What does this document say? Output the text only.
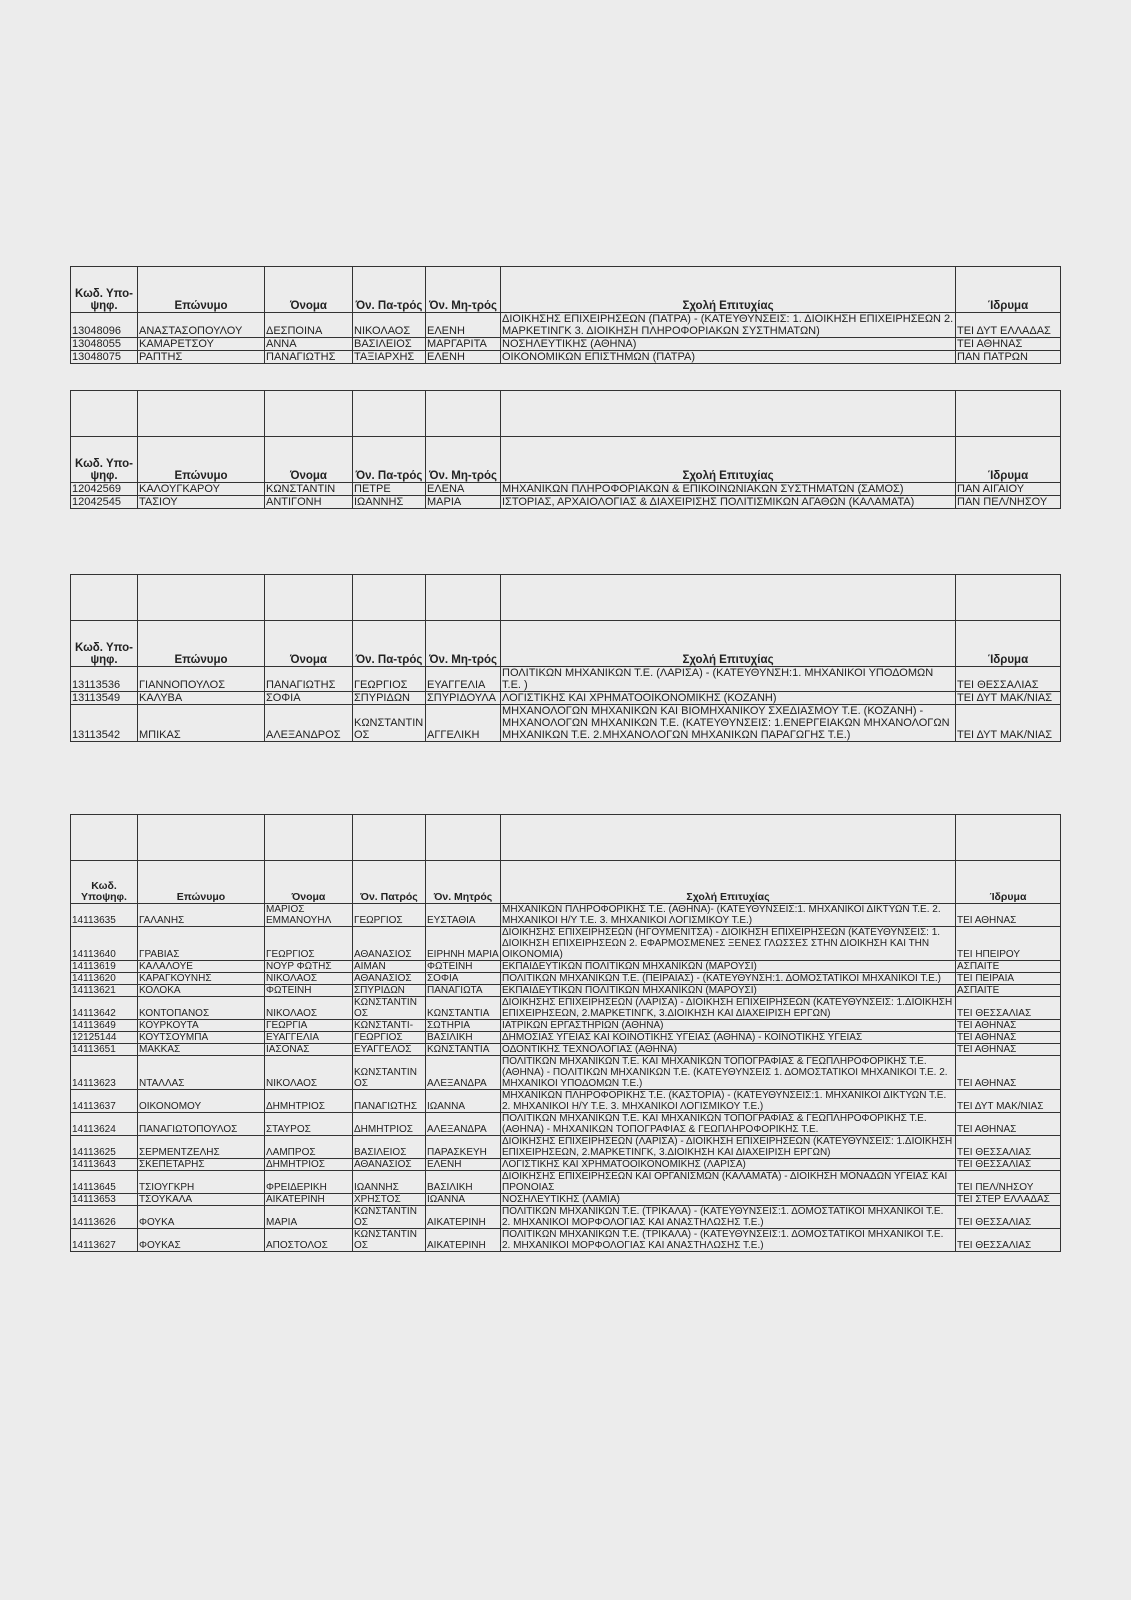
Κωδ. Υπο-ψηφ.	Επώνυμο	Όνομα	Όν. Πα-τρός	Όν. Μη-τρός	Σχολή Επιτυχίας	Ίδρυμα
13048096	ΑΝΑΣΤΑΣΟΠΟΥΛΟΥ	ΔΕΣΠΟΙΝΑ	ΝΙΚΟΛΑΟΣ	ΕΛΕΝΗ	ΔΙΟΙΚΗΣΗΣ ΕΠΙΧΕΙΡΗΣΕΩΝ (ΠΑΤΡΑ) - (ΚΑΤΕΥΘΥΝΣΕΙΣ: 1. ΔΙΟΙΚΗΣΗ ΕΠΙΧΕΙΡΗΣΕΩΝ 2. ΜΑΡΚΕΤΙΝΓΚ 3. ΔΙΟΙΚΗΣΗ ΠΛΗΡΟΦΟΡΙΑΚΩΝ ΣΥΣΤΗΜΑΤΩΝ)	ΤΕΙ ΔΥΤ ΕΛΛΑΔΑΣ
13048055	ΚΑΜΑΡΕΤΣΟΥ	ΑΝΝΑ	ΒΑΣΙΛΕΙΟΣ	ΜΑΡΓΑΡΙΤΑ	ΝΟΣΗΛΕΥΤΙΚΗΣ (ΑΘΗΝΑ)	ΤΕΙ ΑΘΗΝΑΣ
13048075	ΡΑΠΤΗΣ	ΠΑΝΑΓΙΩΤΗΣ	ΤΑΞΙΑΡΧΗΣ	ΕΛΕΝΗ	ΟΙΚΟΝΟΜΙΚΩΝ ΕΠΙΣΤΗΜΩΝ (ΠΑΤΡΑ)	ΠΑΝ ΠΑΤΡΩΝ

Κωδ. Υπο-ψηφ.	Επώνυμο	Όνομα	Όν. Πα-τρός	Όν. Μη-τρός	Σχολή Επιτυχίας	Ίδρυμα
12042569	ΚΑΛΟΥΓΚΑΡΟΥ	ΚΩΝΣΤΑΝΤΙΝ	ΠΕΤΡΕ	ΕΛΕΝΑ	ΜΗΧΑΝΙΚΩΝ ΠΛΗΡΟΦΟΡΙΑΚΩΝ & ΕΠΙΚΟΙΝΩΝΙΑΚΩΝ ΣΥΣΤΗΜΑΤΩΝ (ΣΑΜΟΣ)	ΠΑΝ ΑΙΓΑΙΟΥ
12042545	ΤΑΣΙΟΥ	ΑΝΤΙΓΟΝΗ	ΙΩΑΝΝΗΣ	ΜΑΡΙΑ	ΙΣΤΟΡΙΑΣ, ΑΡΧΑΙΟΛΟΓΙΑΣ & ΔΙΑΧΕΙΡΙΣΗΣ ΠΟΛΙΤΙΣΜΙΚΩΝ ΑΓΑΘΩΝ (ΚΑΛΑΜΑΤΑ)	ΠΑΝ ΠΕΛ/ΝΗΣΟΥ

Κωδ. Υπο-ψηφ.	Επώνυμο	Όνομα	Όν. Πα-τρός	Όν. Μη-τρός	Σχολή Επιτυχίας	Ίδρυμα
13113536	ΓΙΑΝΝΟΠΟΥΛΟΣ	ΠΑΝΑΓΙΩΤΗΣ	ΓΕΩΡΓΙΟΣ	ΕΥΑΓΓΕΛΙΑ	ΠΟΛΙΤΙΚΩΝ ΜΗΧΑΝΙΚΩΝ Τ.Ε. (ΛΑΡΙΣΑ) - (ΚΑΤΕΥΘΥΝΣΗ:1. ΜΗΧΑΝΙΚΟΙ ΥΠΟΔΟΜΩΝ Τ.Ε. )	ΤΕΙ ΘΕΣΣΑΛΙΑΣ
13113549	ΚΑΛΥΒΑ	ΣΟΦΙΑ	ΣΠΥΡΙΔΩΝ	ΣΠΥΡΙΔΟΥΛΑ	ΛΟΓΙΣΤΙΚΗΣ ΚΑΙ ΧΡΗΜΑΤΟΟΙΚΟΝΟΜΙΚΗΣ (ΚΟΖΑΝΗ)	ΤΕΙ ΔΥΤ ΜΑΚ/ΝΙΑΣ
13113542	ΜΠΙΚΑΣ	ΑΛΕΞΑΝΔΡΟΣ	ΚΩΝΣΤΑΝΤΙΝΟΣ	ΑΓΓΕΛΙΚΗ	ΜΗΧΑΝΟΛΟΓΩΝ ΜΗΧΑΝΙΚΩΝ ΚΑΙ ΒΙΟΜΗΧΑΝΙΚΟΥ ΣΧΕΔΙΑΣΜΟΥ Τ.Ε. (ΚΟΖΑΝΗ) - ΜΗΧΑΝΟΛΟΓΩΝ ΜΗΧΑΝΙΚΩΝ Τ.Ε. (ΚΑΤΕΥΘΥΝΣΕΙΣ: 1.ΕΝΕΡΓΕΙΑΚΩΝ ΜΗΧΑΝΟΛΟΓΩΝ ΜΗΧΑΝΙΚΩΝ Τ.Ε. 2.ΜΗΧΑΝΟΛΟΓΩΝ ΜΗΧΑΝΙΚΩΝ ΠΑΡΑΓΩΓΗΣ Τ.Ε.)	ΤΕΙ ΔΥΤ ΜΑΚ/ΝΙΑΣ

Κωδ. Υποψηφ.	Επώνυμο	Όνομα	Όν. Πατρός	Όν. Μητρός	Σχολή Επιτυχίας	Ίδρυμα
14113635	ΓΑΛΑΝΗΣ	ΜΑΡΙΟΣ ΕΜΜΑΝΟΥΗΛ	ΓΕΩΡΓΙΟΣ	ΕΥΣΤΑΘΙΑ	ΜΗΧΑΝΙΚΩΝ ΠΛΗΡΟΦΟΡΙΚΗΣ Τ.Ε. (ΑΘΗΝΑ)- (ΚΑΤΕΥΘΥΝΣΕΙΣ:1. ΜΗΧΑΝΙΚΟΙ ΔΙΚΤΥΩΝ Τ.Ε. 2. ΜΗΧΑΝΙΚΟΙ Η/Υ Τ.Ε. 3. ΜΗΧΑΝΙΚΟΙ ΛΟΓΙΣΜΙΚΟΥ Τ.Ε.)	ΤΕΙ ΑΘΗΝΑΣ
14113640	ΓΡΑΒΙΑΣ	ΓΕΩΡΓΙΟΣ	ΑΘΑΝΑΣΙΟΣ	ΕΙΡΗΝΗ ΜΑΡΙΑ	ΔΙΟΙΚΗΣΗΣ ΕΠΙΧΕΙΡΗΣΕΩΝ (ΗΓΟΥΜΕΝΙΤΣΑ) - ΔΙΟΙΚΗΣΗ ΕΠΙΧΕΙΡΗΣΕΩΝ (ΚΑΤΕΥΘΥΝΣΕΙΣ: 1. ΔΙΟΙΚΗΣΗ ΕΠΙΧΕΙΡΗΣΕΩΝ 2. ΕΦΑΡΜΟΣΜΕΝΕΣ ΞΕΝΕΣ ΓΛΩΣΣΕΣ ΣΤΗΝ ΔΙΟΙΚΗΣΗ ΚΑΙ ΤΗΝ ΟΙΚΟΝΟΜΙΑ)	ΤΕΙ ΗΠΕΙΡΟΥ
14113619	ΚΑΛΑΛΟΥΕ	ΝΟΥΡ ΦΩΤΗΣ	ΑΙΜΑΝ	ΦΩΤΕΙΝΗ	ΕΚΠΑΙΔΕΥΤΙΚΩΝ ΠΟΛΙΤΙΚΩΝ ΜΗΧΑΝΙΚΩΝ (ΜΑΡΟΥΣΙ)	ΑΣΠΑΙΤΕ
14113620	ΚΑΡΑΓΚΟΥΝΗΣ	ΝΙΚΟΛΑΟΣ	ΑΘΑΝΑΣΙΟΣ	ΣΟΦΙΑ	ΠΟΛΙΤΙΚΩΝ ΜΗΧΑΝΙΚΩΝ Τ.Ε. (ΠΕΙΡΑΙΑΣ) - (ΚΑΤΕΥΘΥΝΣΗ:1. ΔΟΜΟΣΤΑΤΙΚΟΙ ΜΗΧΑΝΙΚΟΙ Τ.Ε.)	ΤΕΙ ΠΕΙΡΑΙΑ
14113621	ΚΟΛΟΚΑ	ΦΩΤΕΙΝΗ	ΣΠΥΡΙΔΩΝ	ΠΑΝΑΓΙΩΤΑ	ΕΚΠΑΙΔΕΥΤΙΚΩΝ ΠΟΛΙΤΙΚΩΝ ΜΗΧΑΝΙΚΩΝ (ΜΑΡΟΥΣΙ)	ΑΣΠΑΙΤΕ
14113642	ΚΟΝΤΟΠΑΝΟΣ	ΝΙΚΟΛΑΟΣ	ΚΩΝΣΤΑΝΤΙΝΟΣ	ΚΩΝΣΤΑΝΤΙΑ	ΔΙΟΙΚΗΣΗΣ ΕΠΙΧΕΙΡΗΣΕΩΝ (ΛΑΡΙΣΑ) - ΔΙΟΙΚΗΣΗ ΕΠΙΧΕΙΡΗΣΕΩΝ (ΚΑΤΕΥΘΥΝΣΕΙΣ: 1.ΔΙΟΙΚΗΣΗ ΕΠΙΧΕΙΡΗΣΕΩΝ, 2.ΜΑΡΚΕΤΙΝΓΚ, 3.ΔΙΟΙΚΗΣΗ ΚΑΙ ΔΙΑΧΕΙΡΙΣΗ ΕΡΓΩΝ)	ΤΕΙ ΘΕΣΣΑΛΙΑΣ
14113649	ΚΟΥΡΚΟΥΤΑ	ΓΕΩΡΓΙΑ	ΚΩΝΣΤΑΝΤΙ-	ΣΩΤΗΡΙΑ	ΙΑΤΡΙΚΩΝ ΕΡΓΑΣΤΗΡΙΩΝ (ΑΘΗΝΑ)	ΤΕΙ ΑΘΗΝΑΣ
12125144	ΚΟΥΤΣΟΥΜΠΑ	ΕΥΑΓΓΕΛΙΑ	ΓΕΩΡΓΙΟΣ	ΒΑΣΙΛΙΚΗ	ΔΗΜΟΣΙΑΣ ΥΓΕΙΑΣ ΚΑΙ ΚΟΙΝΟΤΙΚΗΣ ΥΓΕΙΑΣ (ΑΘΗΝΑ) - ΚΟΙΝΟΤΙΚΗΣ ΥΓΕΙΑΣ	ΤΕΙ ΑΘΗΝΑΣ
14113651	ΜΑΚΚΑΣ	ΙΑΣΟΝΑΣ	ΕΥΑΓΓΕΛΟΣ	ΚΩΝΣΤΑΝΤΙΑ	ΟΔΟΝΤΙΚΗΣ ΤΕΧΝΟΛΟΓΙΑΣ (ΑΘΗΝΑ)	ΤΕΙ ΑΘΗΝΑΣ
14113623	ΝΤΑΛΛΑΣ	ΝΙΚΟΛΑΟΣ	ΚΩΝΣΤΑΝΤΙΝΟΣ	ΑΛΕΞΑΝΔΡΑ	ΠΟΛΙΤΙΚΩΝ ΜΗΧΑΝΙΚΩΝ Τ.Ε. ΚΑΙ ΜΗΧΑΝΙΚΩΝ ΤΟΠΟΓΡΑΦΙΑΣ & ΓΕΩΠΛΗΡΟΦΟΡΙΚΗΣ Τ.Ε. (ΑΘΗΝΑ) - ΠΟΛΙΤΙΚΩΝ ΜΗΧΑΝΙΚΩΝ Τ.Ε. (ΚΑΤΕΥΘΥΝΣΕΙΣ 1. ΔΟΜΟΣΤΑΤΙΚΟΙ ΜΗΧΑΝΙΚΟΙ Τ.Ε. 2. ΜΗΧΑΝΙΚΟΙ ΥΠΟΔΟΜΩΝ Τ.Ε.)	ΤΕΙ ΑΘΗΝΑΣ
14113637	ΟΙΚΟΝΟΜΟΥ	ΔΗΜΗΤΡΙΟΣ	ΠΑΝΑΓΙΩΤΗΣ	ΙΩΑΝΝΑ	ΜΗΧΑΝΙΚΩΝ ΠΛΗΡΟΦΟΡΙΚΗΣ Τ.Ε. (ΚΑΣΤΟΡΙΑ) - (ΚΑΤΕΥΘΥΝΣΕΙΣ:1. ΜΗΧΑΝΙΚΟΙ ΔΙΚΤΥΩΝ Τ.Ε. 2. ΜΗΧΑΝΙΚΟΙ Η/Υ Τ.Ε. 3. ΜΗΧΑΝΙΚΟΙ ΛΟΓΙΣΜΙΚΟΥ Τ.Ε.)	ΤΕΙ ΔΥΤ ΜΑΚ/ΝΙΑΣ
14113624	ΠΑΝΑΓΙΩΤΟΠΟΥΛΟΣ	ΣΤΑΥΡΟΣ	ΔΗΜΗΤΡΙΟΣ	ΑΛΕΞΑΝΔΡΑ	ΠΟΛΙΤΙΚΩΝ ΜΗΧΑΝΙΚΩΝ Τ.Ε. ΚΑΙ ΜΗΧΑΝΙΚΩΝ ΤΟΠΟΓΡΑΦΙΑΣ & ΓΕΩΠΛΗΡΟΦΟΡΙΚΗΣ Τ.Ε. (ΑΘΗΝΑ) - ΜΗΧΑΝΙΚΩΝ ΤΟΠΟΓΡΑΦΙΑΣ & ΓΕΩΠΛΗΡΟΦΟΡΙΚΗΣ Τ.Ε.	ΤΕΙ ΑΘΗΝΑΣ
14113625	ΣΕΡΜΕΝΤΖΕΛΗΣ	ΛΑΜΠΡΟΣ	ΒΑΣΙΛΕΙΟΣ	ΠΑΡΑΣΚΕΥΗ	ΔΙΟΙΚΗΣΗΣ ΕΠΙΧΕΙΡΗΣΕΩΝ (ΛΑΡΙΣΑ) - ΔΙΟΙΚΗΣΗ ΕΠΙΧΕΙΡΗΣΕΩΝ (ΚΑΤΕΥΘΥΝΣΕΙΣ: 1.ΔΙΟΙΚΗΣΗ ΕΠΙΧΕΙΡΗΣΕΩΝ, 2.ΜΑΡΚΕΤΙΝΓΚ, 3.ΔΙΟΙΚΗΣΗ ΚΑΙ ΔΙΑΧΕΙΡΙΣΗ ΕΡΓΩΝ)	ΤΕΙ ΘΕΣΣΑΛΙΑΣ
14113643	ΣΚΕΠΕΤΑΡΗΣ	ΔΗΜΗΤΡΙΟΣ	ΑΘΑΝΑΣΙΟΣ	ΕΛΕΝΗ	ΛΟΓΙΣΤΙΚΗΣ ΚΑΙ ΧΡΗΜΑΤΟΟΙΚΟΝΟΜΙΚΗΣ (ΛΑΡΙΣΑ)	ΤΕΙ ΘΕΣΣΑΛΙΑΣ
14113645	ΤΣΙΟΥΓΚΡΗ	ΦΡΕΙΔΕΡΙΚΗ	ΙΩΑΝΝΗΣ	ΒΑΣΙΛΙΚΗ	ΔΙΟΙΚΗΣΗΣ ΕΠΙΧΕΙΡΗΣΕΩΝ ΚΑΙ ΟΡΓΑΝΙΣΜΩΝ (ΚΑΛΑΜΑΤΑ) - ΔΙΟΙΚΗΣΗ ΜΟΝΑΔΩΝ ΥΓΕΙΑΣ ΚΑΙ ΠΡΟΝΟΙΑΣ	ΤΕΙ ΠΕΛ/ΝΗΣΟΥ
14113653	ΤΣΟΥΚΑΛΑ	ΑΙΚΑΤΕΡΙΝΗ	ΧΡΗΣΤΟΣ	ΙΩΑΝΝΑ	ΝΟΣΗΛΕΥΤΙΚΗΣ (ΛΑΜΙΑ)	ΤΕΙ ΣΤΕΡ ΕΛΛΑΔΑΣ
14113626	ΦΟΥΚΑ	ΜΑΡΙΑ	ΚΩΝΣΤΑΝΤΙΝΟΣ	ΑΙΚΑΤΕΡΙΝΗ	ΠΟΛΙΤΙΚΩΝ ΜΗΧΑΝΙΚΩΝ Τ.Ε. (ΤΡΙΚΑΛΑ) - (ΚΑΤΕΥΘΥΝΣΕΙΣ:1. ΔΟΜΟΣΤΑΤΙΚΟΙ ΜΗΧΑΝΙΚΟΙ Τ.Ε. 2. ΜΗΧΑΝΙΚΟΙ ΜΟΡΦΟΛΟΓΙΑΣ ΚΑΙ ΑΝΑΣΤΗΛΩΣΗΣ Τ.Ε.)	ΤΕΙ ΘΕΣΣΑΛΙΑΣ
14113627	ΦΟΥΚΑΣ	ΑΠΟΣΤΟΛΟΣ	ΚΩΝΣΤΑΝΤΙΝΟΣ	ΑΙΚΑΤΕΡΙΝΗ	ΠΟΛΙΤΙΚΩΝ ΜΗΧΑΝΙΚΩΝ Τ.Ε. (ΤΡΙΚΑΛΑ) - (ΚΑΤΕΥΘΥΝΣΕΙΣ:1. ΔΟΜΟΣΤΑΤΙΚΟΙ ΜΗΧΑΝΙΚΟΙ Τ.Ε. 2. ΜΗΧΑΝΙΚΟΙ ΜΟΡΦΟΛΟΓΙΑΣ ΚΑΙ ΑΝΑΣΤΗΛΩΣΗΣ Τ.Ε.)	ΤΕΙ ΘΕΣΣΑΛΙΑΣ
